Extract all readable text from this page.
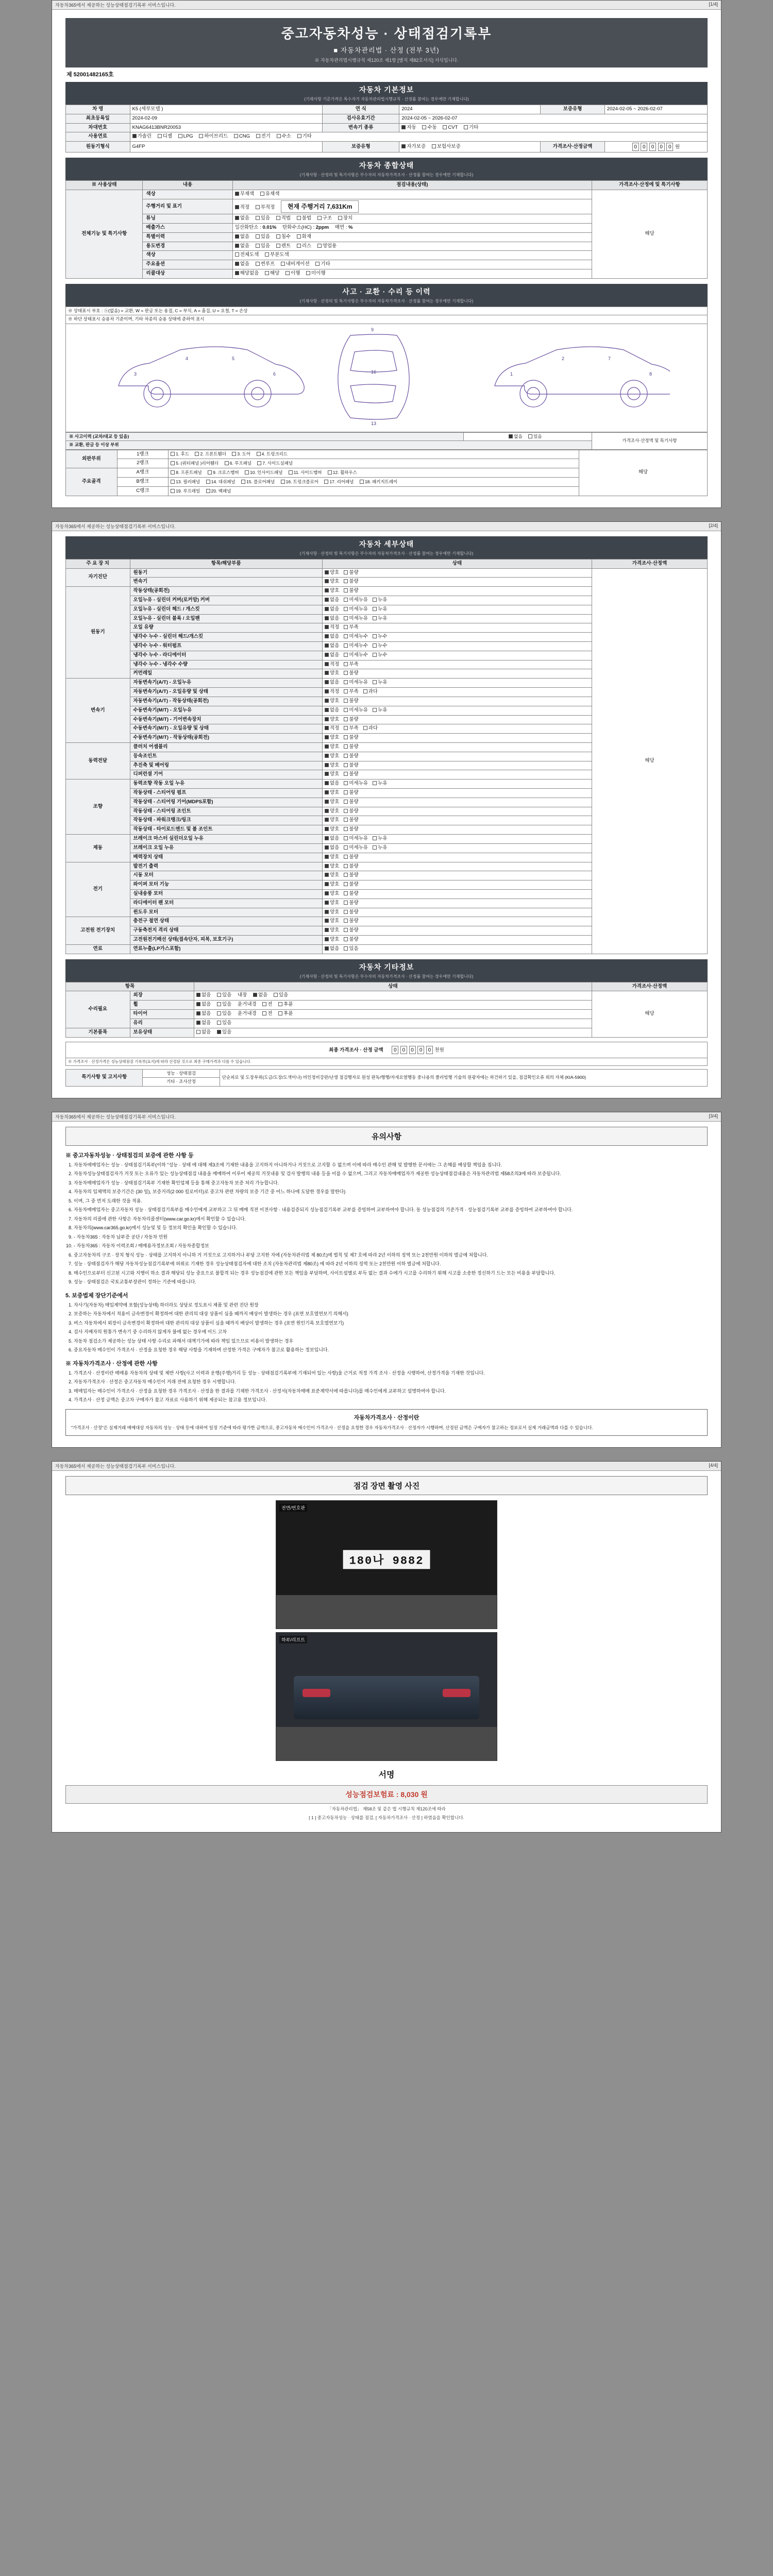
자동차365에서 제공하는 성능상태점검기록부 서비스입니다.	[1/4]
중고자동차성능 · 상태점검기록부
■ 자동차관리법 · 산정 (전부 3년)
※ 자동차관리법시행규칙 제120조 제1항 [별지 제82호서식] 서식입니다.
제 52001482165호
자동차 기본정보
(기재사항 기준가격은 특수자가 자동차관리법시행규칙 · 산정률 참여는 경우에만 기재합니다)
차 명	K5 (세부모델 )	연 식	2024	보증유형	2024-02-05 ~ 2026-02-07
최초등록일	2024-02-09	검사유효기간	2024-02-05 ~ 2026-02-07		
차대번호	KNAG6413BNR20053	변속기 종류	자동 수동 CVT 기타		
사용연료	가솔린 디젤 LPG 하이브리드 CNG 전기 수소 기타				
원동기형식	G4FP	보증유형	자가보증 보험사보증	가격조사·산정금액	0 0 0 0 0 원
자동차 종합상태
(기재사항 · 산정의 및 특기사항은 부수자의 자동차가격조사 · 산정률 참여는 경우에만 기재합니다)
※ 사용상태	내용	점검내용(상태)	가격조사·산정에 및 특기사항
전체기능 및 특기사항	색상	무채색 유채색	해당
	주행거리 및 표기	적정 부적정 현재 주행거리 7,631Km	
	튜닝	없음 있음 적법 불법 구조 장치	
	배출가스	일산화탄소 : 0.01% 탄화수소(HC) : 2ppm 매연 : %	
	특별이력	없음 있음 침수 화재	
	용도변경	없음 있음 렌트 리스 영업용	
	색상	전체도색 부분도색	
	주요옵션	없음 썬루프 내비게이션 기타	
	리콜대상	해당없음 해당 이행 미이행	
사고 · 교환 · 수리 등 이력
(기재사항 · 산정의 및 특기사항은 부수자의 자동차가격조사 · 산정률 참여는 경우에만 기재합니다)
※ 상태표시 부호 : ⓧ(없음) = 교환, W = 판금 또는 용접, C = 부식, A = 흠집, U = 요철, T = 손상
※ 하단 상태표시 승용차 기준이며, 기타 차종의 승용 상태에 준하여 표시
3
4	5
6
9
16
13
1
2	7
8
※ 사고이력 (교차/대교 등 있음)	없음	있음	가격조사·산정액 및 특기사항
※ 교환, 판금 등 이상 부위
외판부위	1랭크	1. 후드 2. 프론트휀더 3. 도어 4. 트렁크리드	해당
	2랭크	5. (쿼터패널 )리어휀더 6. 루프패널 7. 사이드실패널	
주요골격	A랭크	8. 프론트패널 9. 크로스멤버 10. 인사이드패널 11. 사이드멤버 12. 휠하우스	
	B랭크	13. 필러패널 14. 대쉬패널 15. 플로어패널 16. 트렁크플로어 17. 리어패널 18. 패키지트레이	
	C랭크	19. 루프레일 20. 백패널	
자동차365에서 제공하는 성능상태점검기록부 서비스입니다.	[2/4]
자동차 세부상태
(기재사항 · 산정의 및 특기사항은 부수자의 자동차가격조사 · 산정률 참여는 경우에만 기재합니다)
주 요 장 치	항목/해당부품	상태	가격조사·산정액
자기진단	원동기	양호 불량	해당
	변속기	양호 불량	
원동기	작동상태(공회전)	양호 불량	
	오일누유 - 실린더 커버(로커암) 커버	없음 미세누유 누유	
	오일누유 - 실린더 헤드 / 개스킷	없음 미세누유 누유	
	오일누유 - 실린더 블록 / 오일팬	없음 미세누유 누유	
	오일 유량	적정 부족	
	냉각수 누수 - 실린더 헤드/개스킷	없음 미세누수 누수	
	냉각수 누수 - 워터펌프	없음 미세누수 누수	
	냉각수 누수 - 라디에이터	없음 미세누수 누수	
	냉각수 누수 - 냉각수 수량	적정 부족	
	커먼레일	양호 불량	
변속기	자동변속기(A/T) - 오일누유	없음 미세누유 누유	
	자동변속기(A/T) - 오일유량 및 상태	적정 부족 과다	
	자동변속기(A/T) - 작동상태(공회전)	양호 불량	
	수동변속기(M/T) - 오일누유	없음 미세누유 누유	
	수동변속기(M/T) - 기어변속장치	양호 불량	
	수동변속기(M/T) - 오일유량 및 상태	적정 부족 과다	
	수동변속기(M/T) - 작동상태(공회전)	양호 불량	
동력전달	클러치 어셈블리	양호 불량	
	등속조인트	양호 불량	
	추진축 및 베어링	양호 불량	
	디퍼런셜 기어	양호 불량	
조향	동력조향 작동 오일 누유	없음 미세누유 누유	
	작동상태 - 스티어링 펌프	양호 불량	
	작동상태 - 스티어링 기어(MDPS포함)	양호 불량	
	작동상태 - 스티어링 조인트	양호 불량	
	작동상태 - 파워크랭크/링크	양호 불량	
	작동상태 - 타이로드엔드 및 볼 조인트	양호 불량	
제동	브레이크 마스터 실린더오일 누유	없음 미세누유 누유	
	브레이크 오일 누유	없음 미세누유 누유	
	배력장치 상태	양호 불량	
전기	발전기 출력	양호 불량	
	시동 모터	양호 불량	
	와이퍼 모터 기능	양호 불량	
	실내송풍 모터	양호 불량	
	라디에이터 팬 모터	양호 불량	
	윈도우 모터	양호 불량	
고전원 전기장치	충전구 절연 상태	양호 불량	
	구동축전지 격리 상태	양호 불량	
	고전원전기배선 상태(접속단자, 피복, 보호기구)	양호 불량	
연료	연료누출(LP가스포함)	없음 있음	
자동차 기타정보
(기재사항 · 산정의 및 특기사항은 부수자의 자동차가격조사 · 산정률 참여는 경우에만 기재합니다)
항목		상태	가격조사·산정액
수리필요	외장	없음 있음 내장 없음 있음	해당
	휠	없음 있음 윤거내경 전 후륜	
	타이어	없음 있음 윤거내경 전 후륜	
	유리	없음 있음	
기본품목	보유상태	없음 있음	
최종 가격조사 · 산정 금액 0 0 0 0 0 천원
※ 가격조사 · 산정가격은 성능상태점검 기록부(표지)에 따라 산정된 것으로 최종 구매가격과 다를 수 있습니다.
특기사항 및 고지사항	성능 · 상태점검	단순피로 및 도장부위(도금/도장/도색이나) 비인정비강판/난생 점검행자로 원성 판독/행행/자세요열행동 중나용의 클러빙행 기술의 원광자에는 하건하기 있을, 점검확인오류 외의 자체 (KIA-5900)
기타 · 조사산정
자동차365에서 제공하는 성능상태점검기록부 서비스입니다.	[3/4]
유의사항
※ 중고자동차성능 · 상태점검의 보증에 관한 사항 등
1. 자동차에매업자는 성능 · 상태점검기록부(이하 "성능 · 상태 에 대해 제3조에 기재한 내용을 고지하지 아니하거나 거짓으로 고지할 수 없으며 이에 따라 매수인 관해 및 발행한 문서에는 그 손해를 배상할 책임을 집니다.
2. 자동차성능상태점검자가 거짓 또는 오류가 있는 성능상태점검 내용을 매매하여 이루어 제공의 거짓내용 및 검사 발행의 내용 등을 이를 수 없으며, 그리고 자동차매매업자가 제공한 성능상태점검내용은 자동차관리법 제58조의3에 따라 보증됩니다.
3. 자동차매매업자가 성능 · 상태점검기록부 기재한 확인업체 등을 통해 중고자동차 보증 처리 가능합니다.
4. 자동차의 입체액의 보증기간은 (30 일), 보증거리(2 000 킬로미터)로 중고차 관련 차량의 보증 기간 중 어느 하나에 도달한 경우를 말한다)
5. 이며, 그 중 먼저 도래한 것을 적용.
6. 자동차매매업자는 중고자동차 성능 · 상태점검기록부를 매수인에게 교부하고 그 뒤 매매 직전 이전사항 · 내용검증되지 성능점검기록부 교부를 증빙하여 교부하여야 합니다. 동 성능점검의 기준가격 · 성능점검기록부 교부를 증빙하여 교부하여야 합니다.
7. 자동차의 리콜에 관한 사항은 자동차리콜센터(www.car.go.kr)에서 확인할 수 있습니다.
8. 자동차의(www.car365.go.kr)에서 성능및 및 등 정보의 확인을 확인할 수 있습니다.
9. - 자동차365 : 자동차 납부증 공단 / 자동차 민원
10. - 자동차365 : 자동차 이력조회 / 매매용자정보조회 / 자동차종합정보
6. 중고자동차의 구조 · 장치 형식 성능 · 상태를 고지하지 아니하 거 거짓으로 고지하거나 부당 고지한 자에 (자동차관리법 제 80조)에 벌칙 및 제7 호에 따라 2년 이하의 징역 또는 2천만원 이하의 벌금에 처합니다.
7. 성능 · 상태점검자가 해당 자동차성능점검기록부에 허위로 기재한 경우 성능상태점검자에 대한 조치 (자동차관리법 제80조) 에 따라 2년 이하의 징역 또는 2천만원 이하 벌금에 처합니다.
8. 매수인으로부터 신고된 시고와 지행이 하소 결과 해당되 성능 중요으로 불합격 되는 경우 성능점검에 관한 모든 책임을 부담하며, 사이트설별로 부득 없는 결과 수에가 시고를 수리하기 위해 시고를 소송한 정신하기 드는 모든 비용을 부담합니다.
9. 성능 · 상태점검은 국토교통부장관이 정하는 기준에 따릅니다.
5. 보증법제 장단기준에서
1. 자사기(자동차) 매입계약에 포함(성능상태) 하더라도 상담로 정도표시 제품 및 관련 진단 원장
2. 보증하는 자동차에서 적용이 금속변경이 확정하여 대한 관리의 대상 상품이 심을 때까지 배상이 발생하는 경우 (표면 보호열연보기 의해서)
3. 버스 자동차에서 외장이 금속변경이 확정하여 대한 관리의 대상 상품이 심을 때까지 배상이 발생하는 경우 (표면 원인기록 보호열연보기)
4. 검사 지배자의 원통가 변속기 중 수리하지 않게자 불에 없는 경우에 이드 고차
5. 자동차 점검소가 제공하는 성능 상태 사항 수리로 파해서 대책기가에 따라 책임 있으므로 비용이 발생하는 경우
6. 중요자동차 매수인이 가격조사 · 산정을 요청한 경우 해당 사항을 기재하며 산정한 가격은 구매자가 참고로 활용하는 정보입니다.
※ 자동차가격조사 · 산정에 관한 사항
1. 가격조사 · 산정이란 매매용 자동차의 상태 및 제반 사항(사고 이력과 운행(주행)거리 등 성능 · 상태점검기록부에 기재되어 있는 사항)을 근거로 적정 가격 조사 · 산정을 시행하여, 산정가격을 기재한 것입니다.
2. 자동차가격조사 · 산정은 중고자동차 매수인이 거래 전에 요청한 경우 시행합니다.
3. 매매업자는 매수인이 가격조사 · 산정을 요청한 경우 가격조사 · 산정을 한 결과를 기재한 가격조사 · 산정서(자동차매매 표준계약서에 따릅니다)를 매수인에게 교부하고 설명하여야 합니다.
4. 가격조사 · 산정 금액은 중고차 구매자가 참고 자료로 사용하기 위해 제공되는 참고용 정보입니다.
자동차가격조사 · 산정이란
"가격조사 · 산정"은 실제거래 매매대상 자동차의 성능 · 상태 등에 대하여 일정 기준에 따라 평가한 금액으로, 중고자동차 매수인이 가격조사 · 산정을 요청한 경우 자동차가격조사 · 산정자가 시행하며, 산정된 금액은 구매자가 참고하는 정보로서 실제 거래금액과 다를 수 있습니다.
자동차365에서 제공하는 성능상태점검기록부 서비스입니다.	[4/4]
점검 장면 촬영 사진
전면/번호판
180나 9882
하부/리프트
서명
성능점검보험료 : 8,030 원
「자동차관리법」 제58조 및 같은 법 시행규칙 제120조에 따라
[ 1 ] 중고자동차성능 · 상태를 점검, [ 자동차가격조사 · 산정 ] 하였음을 확인합니다.
